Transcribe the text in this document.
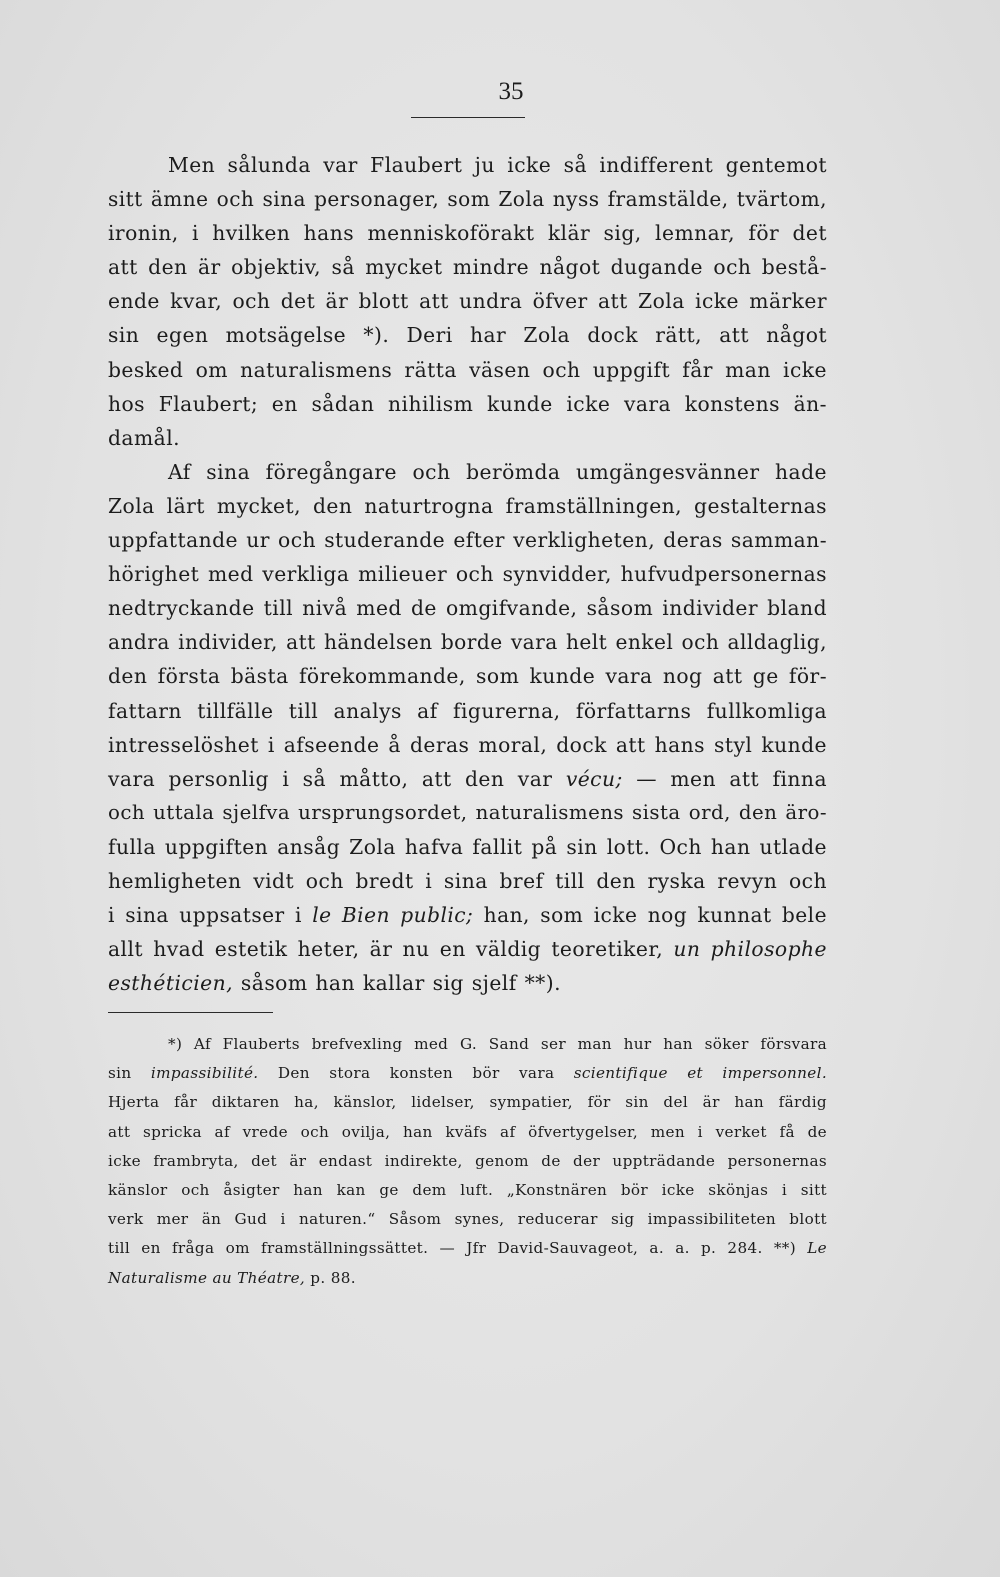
35
Men sålunda var Flaubert ju icke så indifferent gentemot
sitt ämne och sina personager, som Zola nyss framstälde, tvärtom,
ironin, i hvilken hans menniskoförakt klär sig, lemnar, för det
att den är objektiv, så mycket mindre något dugande och bestå-
ende kvar, och det är blott att undra öfver att Zola icke märker
sin egen motsägelse *). Deri har Zola dock rätt, att något
besked om naturalismens rätta väsen och uppgift får man icke
hos Flaubert; en sådan nihilism kunde icke vara konstens än-
damål.
Af sina föregångare och berömda umgängesvänner hade
Zola lärt mycket, den naturtrogna framställningen, gestalternas
uppfattande ur och studerande efter verkligheten, deras samman-
hörighet med verkliga milieuer och synvidder, hufvudpersonernas
nedtryckande till nivå med de omgifvande, såsom individer bland
andra individer, att händelsen borde vara helt enkel och alldaglig,
den första bästa förekommande, som kunde vara nog att ge för-
fattarn tillfälle till analys af figurerna, författarns fullkomliga
intresselöshet i afseende å deras moral, dock att hans styl kunde
vara personlig i så måtto, att den var vécu; — men att finna
och uttala sjelfva ursprungsordet, naturalismens sista ord, den äro-
fulla uppgiften ansåg Zola hafva fallit på sin lott. Och han utlade
hemligheten vidt och bredt i sina bref till den ryska revyn och
i sina uppsatser i le Bien public; han, som icke nog kunnat bele
allt hvad estetik heter, är nu en väldig teoretiker, un philosophe
esthéticien, såsom han kallar sig sjelf **).
*) Af Flauberts brefvexling med G. Sand ser man hur han söker försvara
sin impassibilité. Den stora konsten bör vara scientifique et impersonnel.
Hjerta får diktaren ha, känslor, lidelser, sympatier, för sin del är han färdig
att spricka af vrede och ovilja, han kväfs af öfvertygelser, men i verket få de
icke frambryta, det är endast indirekte, genom de der uppträdande personernas
känslor och åsigter han kan ge dem luft. „Konstnären bör icke skönjas i sitt
verk mer än Gud i naturen.“ Såsom synes, reducerar sig impassibiliteten blott
till en fråga om framställningssättet. — Jfr David-Sauvageot, a. a. p. 284. **) Le
Naturalisme au Théatre, p. 88.
